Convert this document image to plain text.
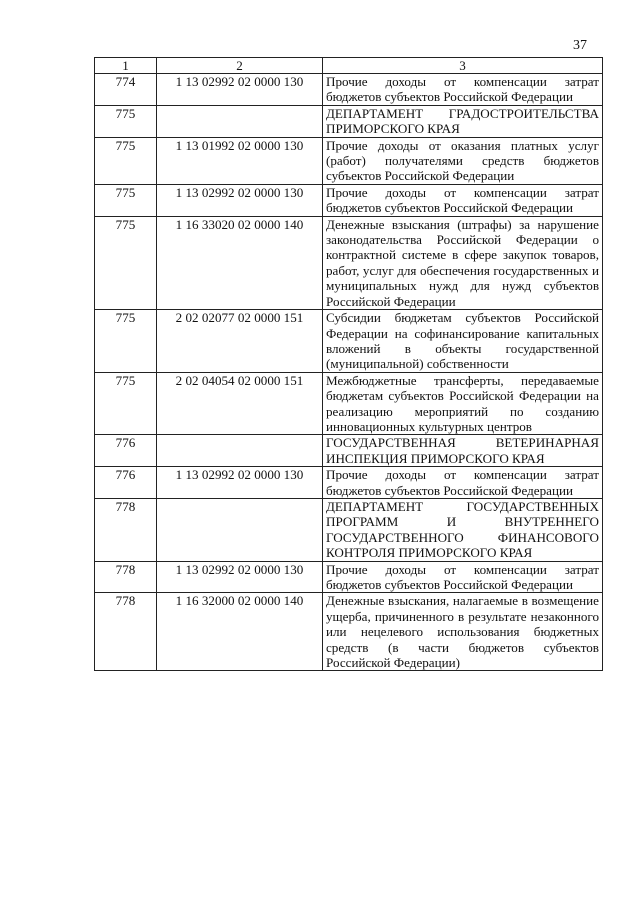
37
1	2	3
774	1 13 02992 02 0000 130	Прочие доходы от компенсации затрат бюджетов субъектов Российской Федерации
775		ДЕПАРТАМЕНТ ГРАДОСТРОИТЕЛЬСТВА ПРИМОРСКОГО КРАЯ
775	1 13 01992 02 0000 130	Прочие доходы от оказания платных услуг (работ) получателями средств бюджетов субъектов Российской Федерации
775	1 13 02992 02 0000 130	Прочие доходы от компенсации затрат бюджетов субъектов Российской Федерации
775	1 16 33020 02 0000 140	Денежные взыскания (штрафы) за нарушение законодательства Российской Федерации о контрактной системе в сфере закупок товаров, работ, услуг для обеспечения государственных и муниципальных нужд для нужд субъектов Российской Федерации
775	2 02 02077 02 0000 151	Субсидии бюджетам субъектов Российской Федерации на софинансирование капитальных вложений в объекты государственной (муниципальной) собственности
775	2 02 04054 02 0000 151	Межбюджетные трансферты, передаваемые бюджетам субъектов Российской Федерации на реализацию мероприятий по созданию инновационных культурных центров
776		ГОСУДАРСТВЕННАЯ ВЕТЕРИНАРНАЯ ИНСПЕКЦИЯ ПРИМОРСКОГО КРАЯ
776	1 13 02992 02 0000 130	Прочие доходы от компенсации затрат бюджетов субъектов Российской Федерации
778		ДЕПАРТАМЕНТ ГОСУДАРСТВЕННЫХ ПРОГРАММ И ВНУТРЕННЕГО ГОСУДАРСТВЕННОГО ФИНАНСОВОГО КОНТРОЛЯ ПРИМОРСКОГО КРАЯ
778	1 13 02992 02 0000 130	Прочие доходы от компенсации затрат бюджетов субъектов Российской Федерации
778	1 16 32000 02 0000 140	Денежные взыскания, налагаемые в возмещение ущерба, причиненного в результате незаконного или нецелевого использования бюджетных средств (в части бюджетов субъектов Российской Федерации)
